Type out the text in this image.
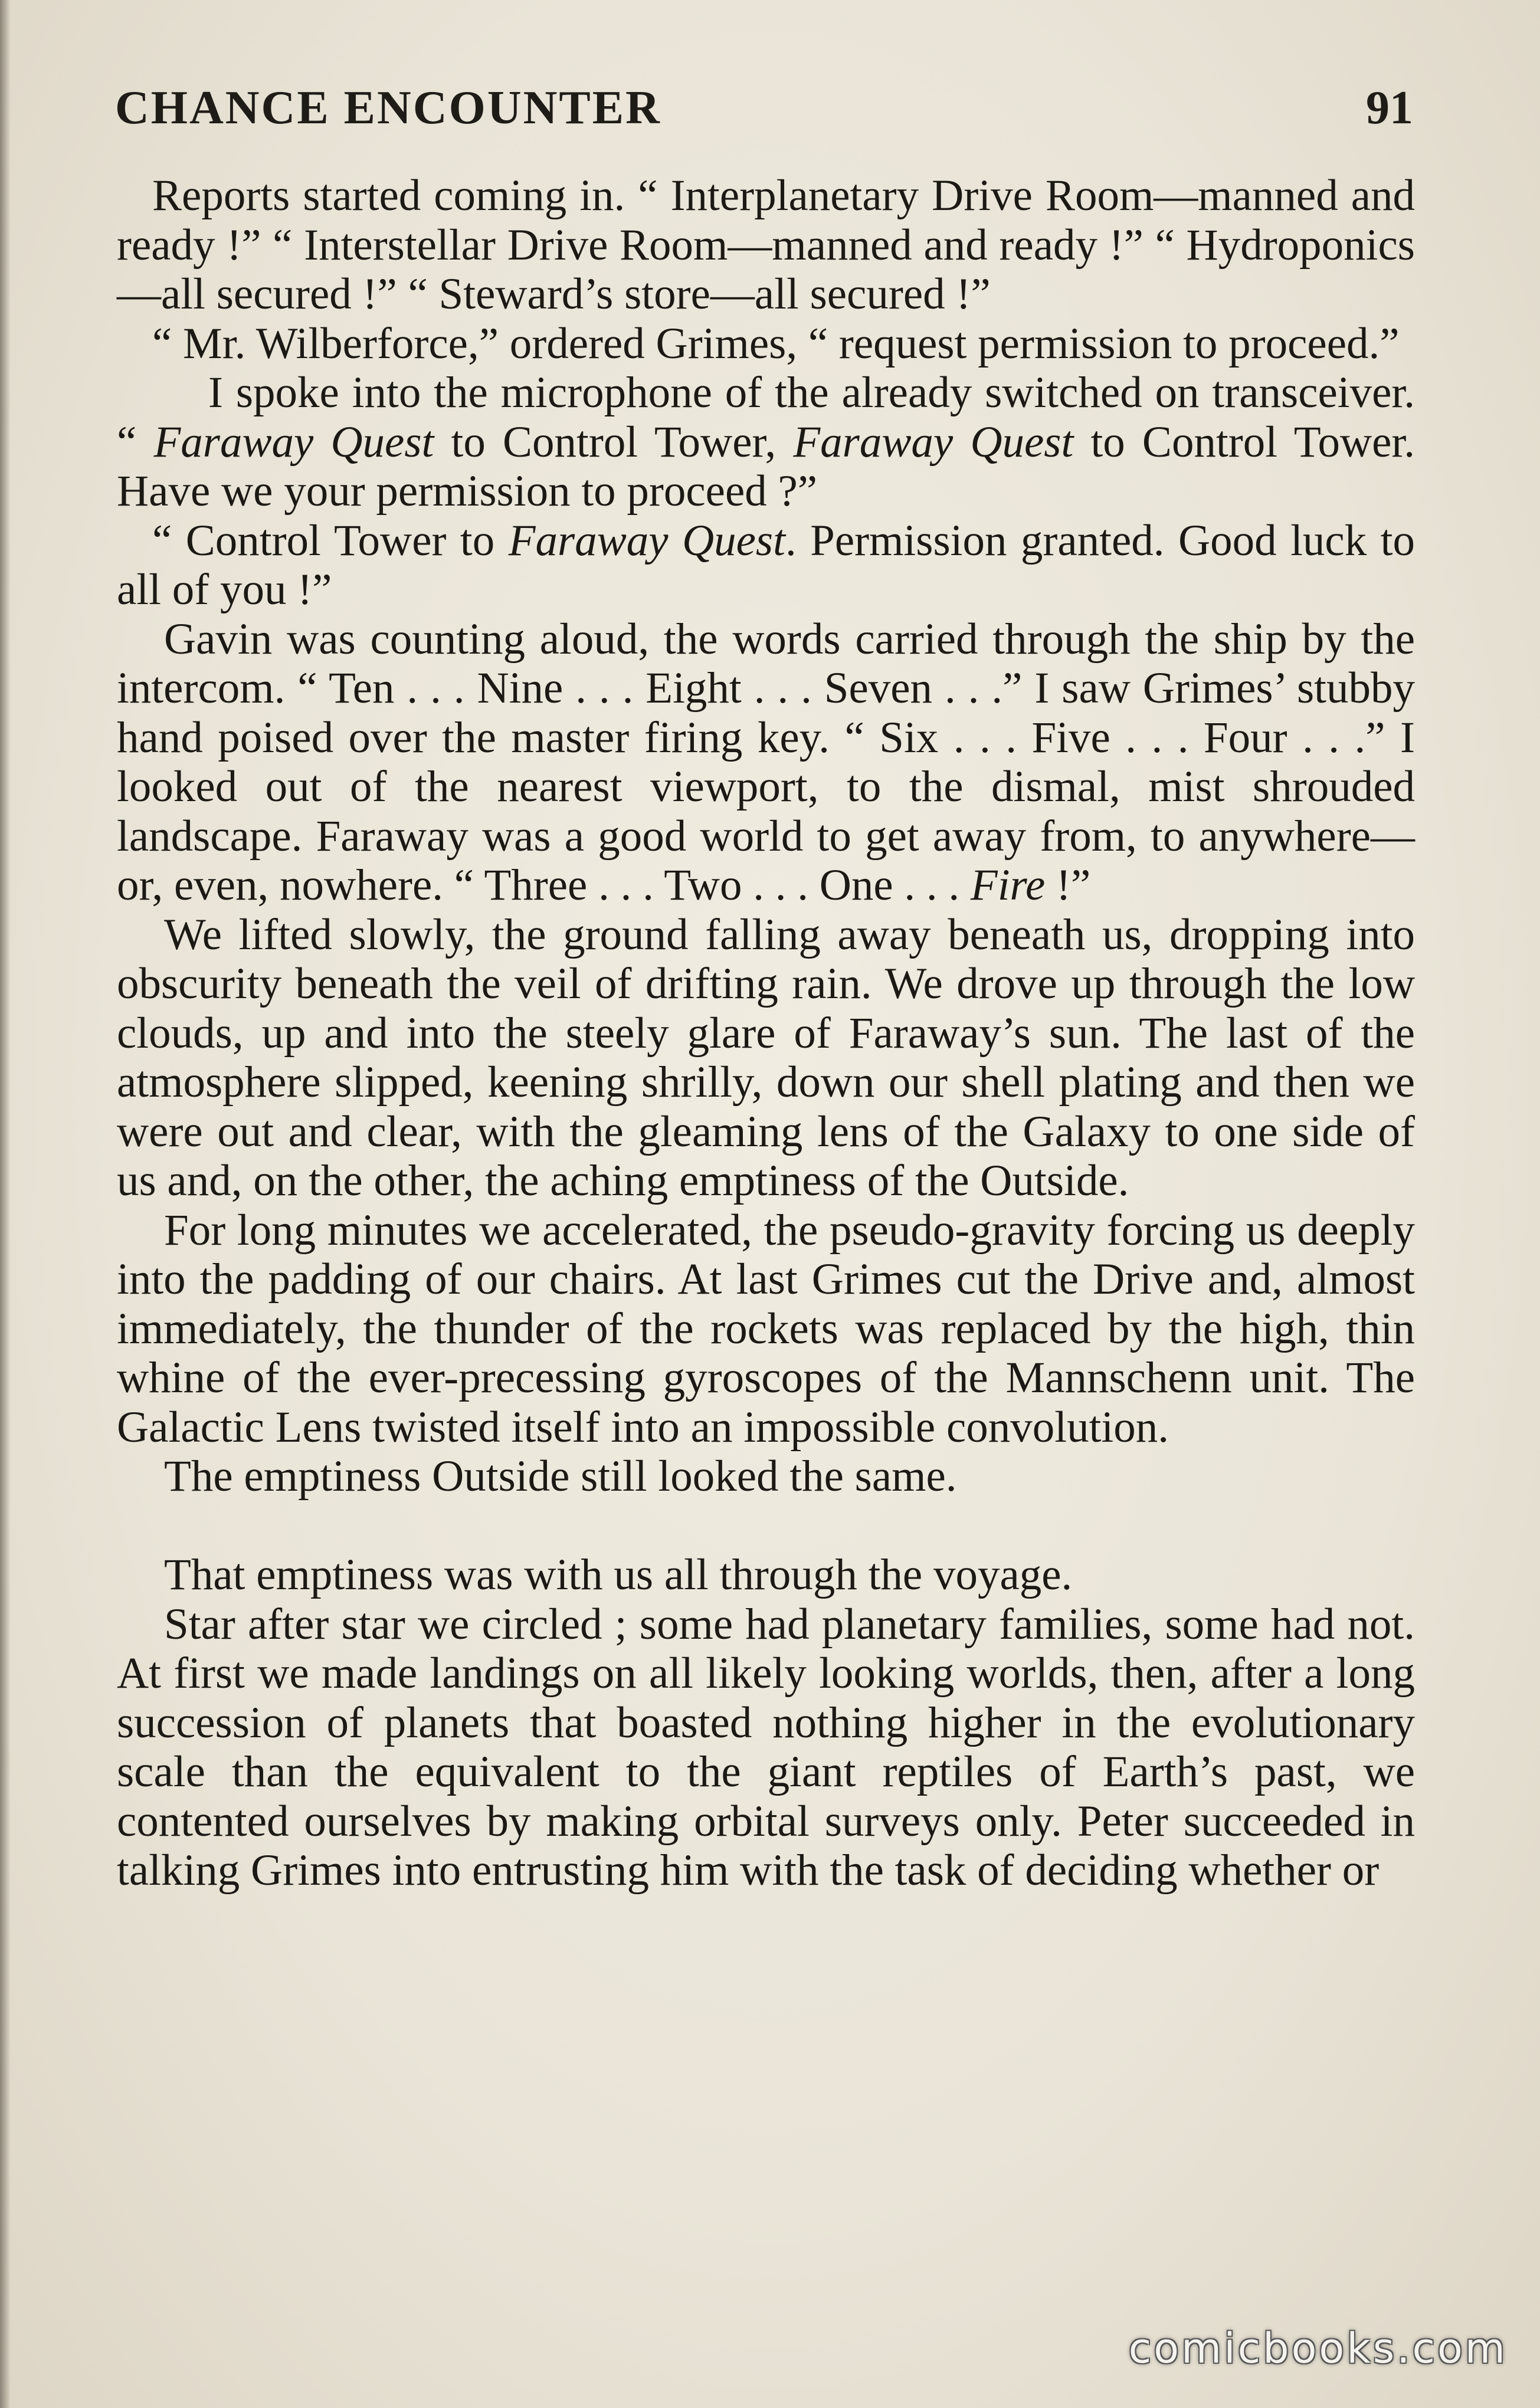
CHANCE ENCOUNTER	91

Reports started coming in. “ Interplanetary Drive Room—manned and ready !” “ Interstellar Drive Room—manned and ready !” “ Hydroponics—all secured !” “ Steward’s store—all secured !”

“ Mr. Wilberforce,” ordered Grimes, “ request permission to proceed.”

I spoke into the microphone of the already switched on transceiver. “ Faraway Quest to Control Tower, Faraway Quest to Control Tower. Have we your permission to proceed ?”

“ Control Tower to Faraway Quest. Permission granted. Good luck to all of you !”

Gavin was counting aloud, the words carried through the ship by the intercom. “ Ten . . . Nine . . . Eight . . . Seven . . .” I saw Grimes’ stubby hand poised over the master firing key. “ Six . . . Five . . . Four . . .” I looked out of the nearest viewport, to the dismal, mist shrouded landscape. Faraway was a good world to get away from, to anywhere—or, even, nowhere. “ Three . . . Two . . . One . . . Fire !”

We lifted slowly, the ground falling away beneath us, dropping into obscurity beneath the veil of drifting rain. We drove up through the low clouds, up and into the steely glare of Faraway’s sun. The last of the atmosphere slipped, keening shrilly, down our shell plating and then we were out and clear, with the gleaming lens of the Galaxy to one side of us and, on the other, the aching emptiness of the Outside.

For long minutes we accelerated, the pseudo-gravity forcing us deeply into the padding of our chairs. At last Grimes cut the Drive and, almost immediately, the thunder of the rockets was replaced by the high, thin whine of the ever-precessing gyroscopes of the Mannschenn unit. The Galactic Lens twisted itself into an impossible convolution.

The emptiness Outside still looked the same.

That emptiness was with us all through the voyage.

Star after star we circled ; some had planetary families, some had not. At first we made landings on all likely looking worlds, then, after a long succession of planets that boasted nothing higher in the evolutionary scale than the equivalent to the giant reptiles of Earth’s past, we contented ourselves by making orbital surveys only. Peter succeeded in talking Grimes into entrusting him with the task of deciding whether or

comicbooks.com
